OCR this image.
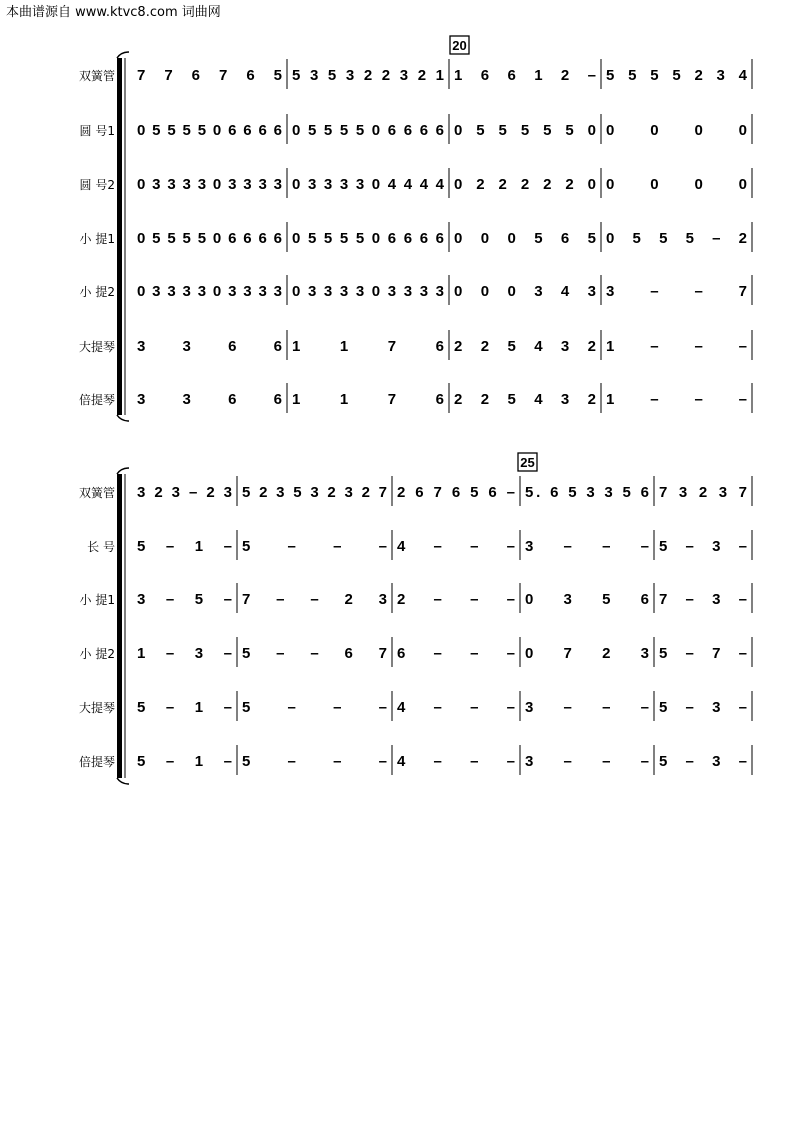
本曲谱源自 www.ktvc8.com 词曲网
20
双簧管 7 7 6 7 6 5 5 3 5 3 2 2 3 2 1 1 6 6 1 2 – 5 5 5 5 2 3 4
圆 号1 0 5 5 5 5 0 6 6 6 6 0 5 5 5 5 0 6 6 6 6 0 5 5 5 5 5 0 0 0 0 0
圆 号2 0 3 3 3 3 0 3 3 3 3 0 3 3 3 3 0 4 4 4 4 0 2 2 2 2 2 0 0 0 0 0
小 提1 0 5 5 5 5 0 6 6 6 6 0 5 5 5 5 0 6 6 6 6 0 0 0 5 6 5 0 5 5 5 – 2
小 提2 0 3 3 3 3 0 3 3 3 3 0 3 3 3 3 0 3 3 3 3 0 0 0 3 4 3 3 – – 7
大提琴 3 3 6 6 1 1 7 6 2 2 5 4 3 2 1 – – –
倍提琴 3 3 6 6 1 1 7 6 2 2 5 4 3 2 1 – – –
25
双簧管 3 2 3 – 2 3 5 2 3 5 3 2 3 2 7 2 6 7 6 5 6 – 5. 6 5 3 3 5 6 7 3 2 3 7
长 号 5 – 1 – 5 – – – 4 – – – 3 – – – 5 – 3 –
小 提1 3 – 5 – 7 – – 2 3 2 – – – 0 3 5 6 7 – 3 –
小 提2 1 – 3 – 5 – – 6 7 6 – – – 0 7 2 3 5 – 7 –
大提琴 5 – 1 – 5 – – – 4 – – – 3 – – – 5 – 3 –
倍提琴 5 – 1 – 5 – – – 4 – – – 3 – – – 5 – 3 –
